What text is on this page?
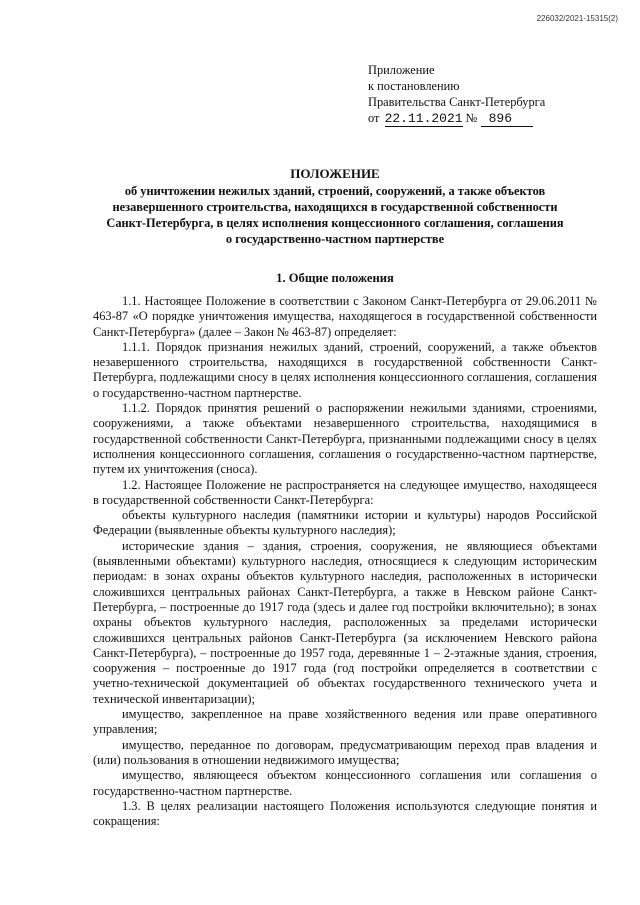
226032/2021-15315(2)
Приложение
к постановлению
Правительства Санкт-Петербурга
от 22.11.2021 № 896
ПОЛОЖЕНИЕ
об уничтожении нежилых зданий, строений, сооружений, а также объектов
незавершенного строительства, находящихся в государственной собственности
Санкт-Петербурга, в целях исполнения концессионного соглашения, соглашения
о государственно-частном партнерстве
1. Общие положения

1.1. Настоящее Положение в соответствии с Законом Санкт-Петербурга от 29.06.2011 № 463-87 «О порядке уничтожения имущества, находящегося в государственной собственности Санкт-Петербурга» (далее – Закон № 463-87) определяет:

1.1.1. Порядок признания нежилых зданий, строений, сооружений, а также объектов незавершенного строительства, находящихся в государственной собственности Санкт-Петербурга, подлежащими сносу в целях исполнения концессионного соглашения, соглашения о государственно-частном партнерстве.

1.1.2. Порядок принятия решений о распоряжении нежилыми зданиями, строениями, сооружениями, а также объектами незавершенного строительства, находящимися в государственной собственности Санкт-Петербурга, признанными подлежащими сносу в целях исполнения концессионного соглашения, соглашения о государственно-частном партнерстве, путем их уничтожения (сноса).

1.2. Настоящее Положение не распространяется на следующее имущество, находящееся в государственной собственности Санкт-Петербурга:

объекты культурного наследия (памятники истории и культуры) народов Российской Федерации (выявленные объекты культурного наследия);

исторические здания – здания, строения, сооружения, не являющиеся объектами (выявленными объектами) культурного наследия, относящиеся к следующим историческим периодам: в зонах охраны объектов культурного наследия, расположенных в исторически сложившихся центральных районах Санкт-Петербурга, а также в Невском районе Санкт-Петербурга, – построенные до 1917 года (здесь и далее год постройки включительно); в зонах охраны объектов культурного наследия, расположенных за пределами исторически сложившихся центральных районов Санкт-Петербурга (за исключением Невского района Санкт-Петербурга), – построенные до 1957 года, деревянные 1 – 2-этажные здания, строения, сооружения – построенные до 1917 года (год постройки определяется в соответствии с учетно-технической документацией об объектах государственного технического учета и технической инвентаризации);

имущество, закрепленное на праве хозяйственного ведения или праве оперативного управления;

имущество, переданное по договорам, предусматривающим переход прав владения и (или) пользования в отношении недвижимого имущества;

имущество, являющееся объектом концессионного соглашения или соглашения о государственно-частном партнерстве.

1.3. В целях реализации настоящего Положения используются следующие понятия и сокращения:
